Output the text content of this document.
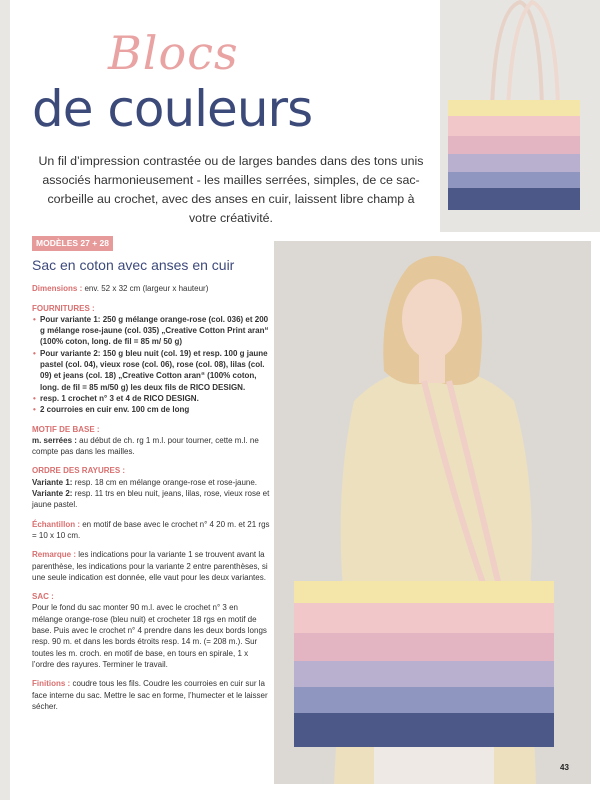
Blocs
de couleurs
Un fil d’impression contrastée ou de larges bandes dans des tons unis associés harmonieusement - les mailles serrées, simples, de ce sac-corbeille au crochet, avec des anses en cuir, laissent libre champ à votre créativité.
MODÈLES 27 + 28
Sac en coton avec anses en cuir

Dimensions : env. 52 x 32 cm (largeur x hauteur)

FOURNITURES :
• Pour variante 1: 250 g mélange orange-rose (col. 036) et 200 g mélange rose-jaune (col. 035) „Creative Cotton Print aran“ (100% coton, long. de fil = 85 m/ 50 g)
• Pour variante 2: 150 g bleu nuit (col. 19) et resp. 100 g jaune pastel (col. 04), vieux rose (col. 06), rose (col. 08), lilas (col. 09) et jeans (col. 18) „Creative Cotton aran“ (100% coton, long. de fil = 85 m/50 g) les deux fils de RICO DESIGN.
• resp. 1 crochet n° 3 et 4 de RICO DESIGN.
• 2 courroies en cuir env. 100 cm de long
MOTIF DE BASE :

m. serrées : au début de ch. rg 1 m.l. pour tourner, cette m.l. ne compte pas dans les mailles.

ORDRE DES RAYURES :
Variante 1: resp. 18 cm en mélange orange-rose et rose-jaune.

Variante 2: resp. 11 trs en bleu nuit, jeans, lilas, rose, vieux rose et jaune pastel.

Échantillon : en motif de base avec le crochet n° 4 20 m. et 21 rgs = 10 x 10 cm.

Remarque : les indications pour la variante 1 se trouvent avant la parenthèse, les indications pour la variante 2 entre parenthèses, si une seule indication est donnée, elle vaut pour les deux variantes.

SAC :

Pour le fond du sac monter 90 m.l. avec le crochet n° 3 en mélange orange-rose (bleu nuit) et crocheter 18 rgs en motif de base. Puis avec le crochet n° 4 prendre dans les deux bords longs resp. 90 m. et dans les bords étroits resp. 14 m. (= 208 m.). Sur toutes les m. croch. en motif de base, en tours en spirale, 1 x l’ordre des rayures. Terminer le travail.

Finitions : coudre tous les fils. Coudre les courroies en cuir sur la face interne du sac. Mettre le sac en forme, l’humecter et le laisser sécher.

43
PassionForum.ru
